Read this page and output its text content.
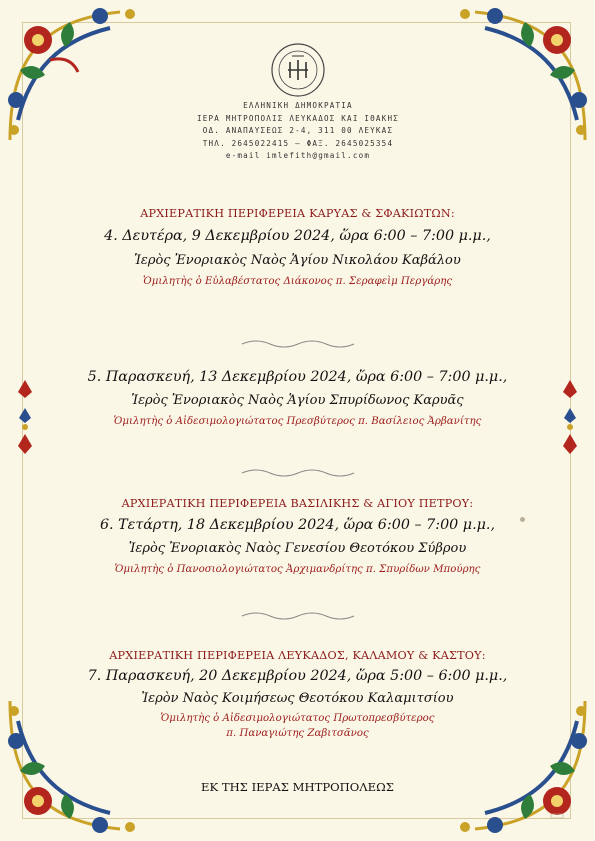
ΕΛΛΗΝΙΚΗ ΔΗΜΟΚΡΑΤΙΑ
ΙΕΡΑ ΜΗΤΡΟΠΟΛΙΣ ΛΕΥΚΑΔΟΣ ΚΑΙ ΙΘΑΚΗΣ
ΟΔ. ΑΝΑΠΑΥΣΕΩΣ 2-4, 311 00 ΛΕΥΚΑΣ
ΤΗΛ. 2645022415 – ΦΑΞ. 2645025354
e-mail imlefith@gmail.com
ΑΡΧΙΕΡΑΤΙΚΗ ΠΕΡΙΦΕΡΕΙΑ ΚΑΡΥΑΣ & ΣΦΑΚΙΩΤΩΝ:
4. Δευτέρα, 9 Δεκεμβρίου 2024, ὥρα 6:00 – 7:00 μ.μ.,
Ἱερὸς Ἐνοριακὸς Ναὸς Ἁγίου Νικολάου Καβάλου
Ὁμιλητὴς ὁ Εὐλαβέστατος Διάκονος π. Σεραφεὶμ Περγάρης
5. Παρασκευή, 13 Δεκεμβρίου 2024, ὥρα 6:00 – 7:00 μ.μ.,
Ἱερὸς Ἐνοριακὸς Ναὸς Ἁγίου Σπυρίδωνος Καρυᾶς
Ὁμιλητὴς ὁ Αἰδεσιμολογιώτατος Πρεσβύτερος π. Βασίλειος Ἀρβανίτης
ΑΡΧΙΕΡΑΤΙΚΗ ΠΕΡΙΦΕΡΕΙΑ ΒΑΣΙΛΙΚΗΣ & ΑΓΙΟΥ ΠΕΤΡΟΥ:
6. Τετάρτη, 18 Δεκεμβρίου 2024, ὥρα 6:00 – 7:00 μ.μ.,
Ἱερὸς Ἐνοριακὸς Ναὸς Γενεσίου Θεοτόκου Σύβρου
Ὁμιλητὴς ὁ Πανοσιολογιώτατος Ἀρχιμανδρίτης π. Σπυρίδων Μπούρης
ΑΡΧΙΕΡΑΤΙΚΗ ΠΕΡΙΦΕΡΕΙΑ ΛΕΥΚΑΔΟΣ, ΚΑΛΑΜΟΥ & ΚΑΣΤΟΥ:
7. Παρασκευή, 20 Δεκεμβρίου 2024, ὥρα 5:00 – 6:00 μ.μ.,
Ἱερὸν Ναὸς Κοιμήσεως Θεοτόκου Καλαμιτσίου
Ὁμιλητὴς ὁ Αἰδεσιμολογιώτατος Πρωτοπρεσβύτερος
π. Παναγιώτης Ζαβιτσᾶνος
ΕΚ ΤΗΣ ΙΕΡΑΣ ΜΗΤΡΟΠΟΛΕΩΣ
